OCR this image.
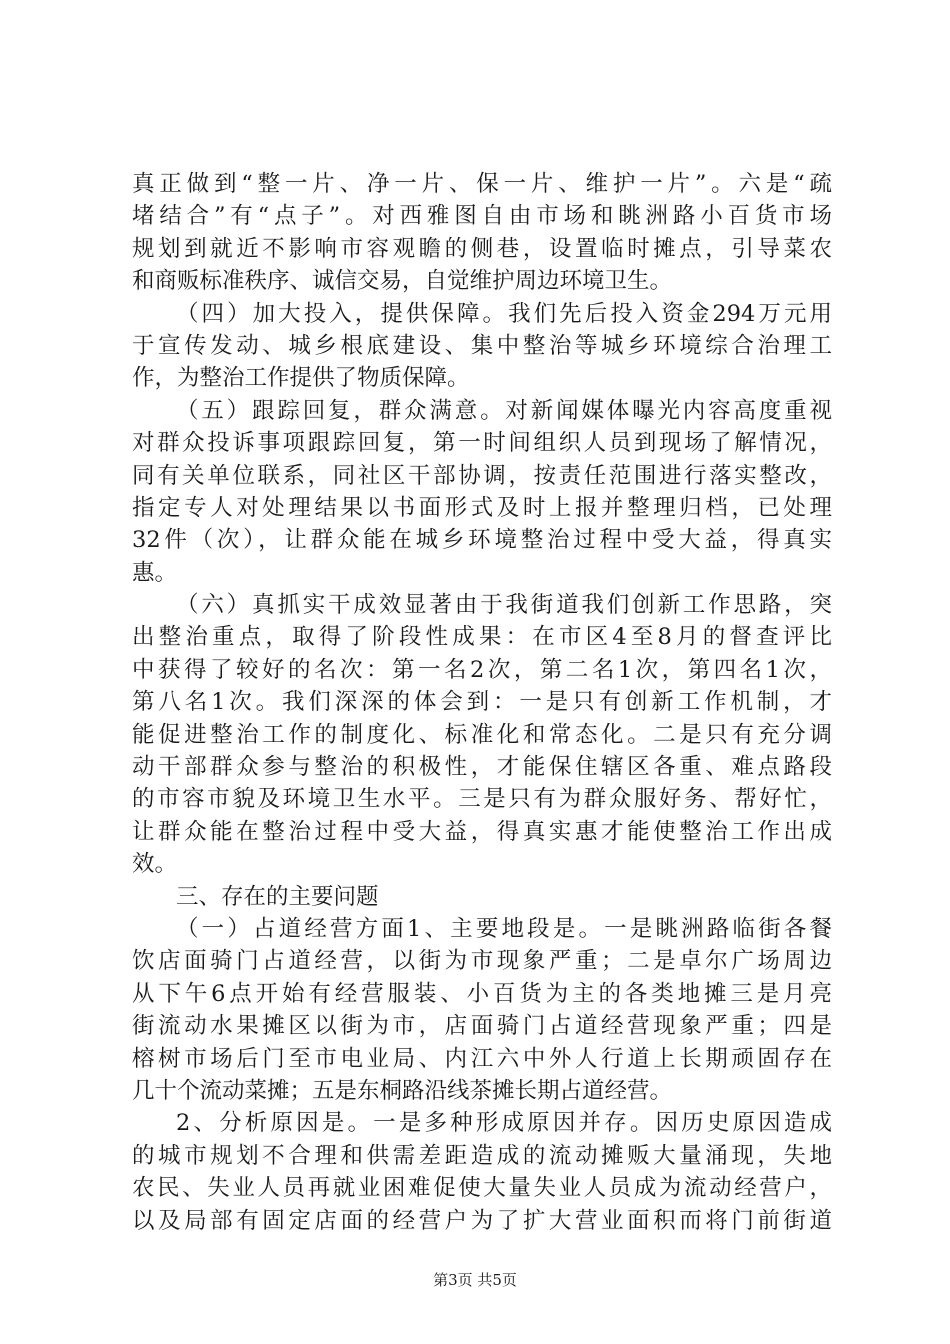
真正做到“整一片、净一片、保一片、维护一片”。六是“疏
堵结合”有“点子”。对西雅图自由市场和眺洲路小百货市场
规划到就近不影响市容观瞻的侧巷，设置临时摊点，引导菜农
和商贩标准秩序、诚信交易，自觉维护周边环境卫生。
（四）加大投入，提供保障。我们先后投入资金294万元用
于宣传发动、城乡根底建设、集中整治等城乡环境综合治理工
作，为整治工作提供了物质保障。
（五）跟踪回复，群众满意。对新闻媒体曝光内容高度重视
对群众投诉事项跟踪回复，第一时间组织人员到现场了解情况，
同有关单位联系，同社区干部协调，按责任范围进行落实整改，
指定专人对处理结果以书面形式及时上报并整理归档，已处理
32件（次），让群众能在城乡环境整治过程中受大益，得真实
惠。
（六）真抓实干成效显著由于我街道我们创新工作思路，突
出整治重点，取得了阶段性成果：在市区4至8月的督查评比
中获得了较好的名次：第一名2次，第二名1次，第四名1次，
第八名1次。我们深深的体会到：一是只有创新工作机制，才
能促进整治工作的制度化、标准化和常态化。二是只有充分调
动干部群众参与整治的积极性，才能保住辖区各重、难点路段
的市容市貌及环境卫生水平。三是只有为群众服好务、帮好忙，
让群众能在整治过程中受大益，得真实惠才能使整治工作出成
效。
三、存在的主要问题
（一）占道经营方面1、主要地段是。一是眺洲路临街各餐
饮店面骑门占道经营，以街为市现象严重；二是卓尔广场周边
从下午6点开始有经营服装、小百货为主的各类地摊三是月亮
街流动水果摊区以街为市，店面骑门占道经营现象严重；四是
榕树市场后门至市电业局、内江六中外人行道上长期顽固存在
几十个流动菜摊；五是东桐路沿线茶摊长期占道经营。
2、分析原因是。一是多种形成原因并存。因历史原因造成
的城市规划不合理和供需差距造成的流动摊贩大量涌现，失地
农民、失业人员再就业困难促使大量失业人员成为流动经营户，
以及局部有固定店面的经营户为了扩大营业面积而将门前街道
第3页 共5页
